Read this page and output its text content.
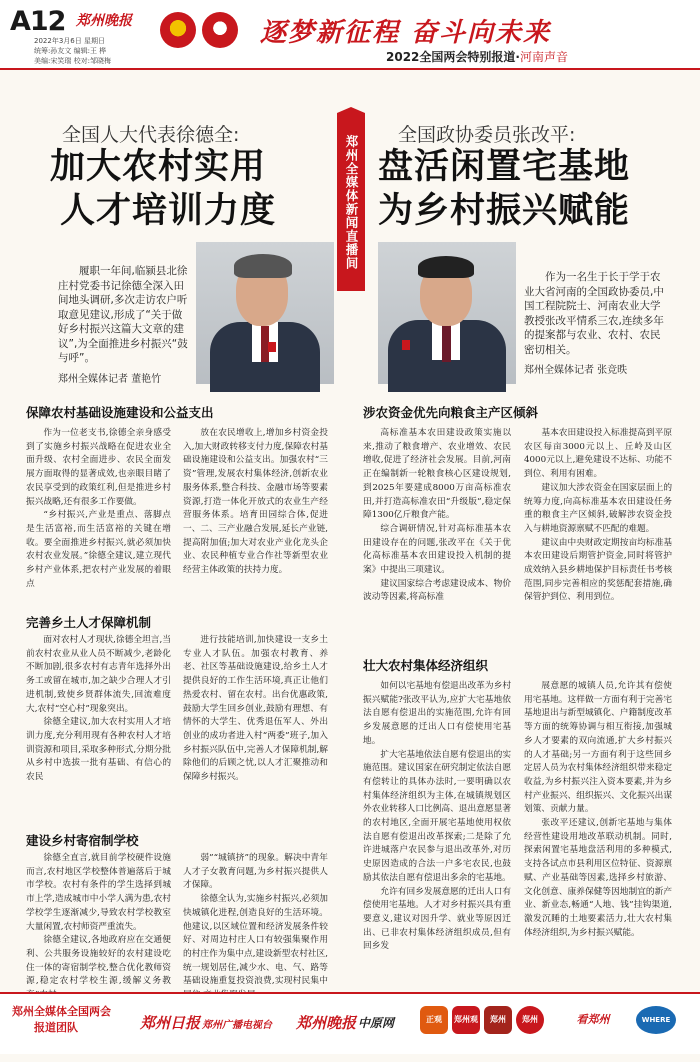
A12 郑州晚报
2022年3月6日 星期日
统筹:孙友文 编辑:王 桦
美编:宋笑瑞 校对:邹晓梅
逐梦新征程 奋斗向未来
2022全国两会特别报道·河南声音
郑州全媒体新闻直播间
全国人大代表徐德全:
加大农村实用
人才培训力度

履职一年间,临颍县北徐庄村党委书记徐德全深入田间地头调研,多次走访农户听取意见建议,形成了“关于做好乡村振兴这篇大文章的建议”,为全面推进乡村振兴“鼓与呼”。

郑州全媒体记者 董艳竹
全国政协委员张改平:
盘活闲置宅基地
为乡村振兴赋能

作为一名生于长于学于农业大省河南的全国政协委员,中国工程院院士、河南农业大学教授张改平情系三农,连续多年的提案都与农业、农村、农民密切相关。

郑州全媒体记者 张竞昳
保障农村基础设施建设和公益支出

作为一位老支书,徐德全亲身感受到了实施乡村振兴战略在促进农业全面升级、农村全面进步、农民全面发展方面取得的显著成效,也亲眼目睹了农民享受到的政策红利,但是推进乡村振兴战略,还有很多工作要做。

“乡村振兴,产业是重点、落脚点是生活富裕,而生活富裕的关键在增收。要全面推进乡村振兴,就必须加快农村农业发展。”徐德全建议,建立现代乡村产业体系,把农村产业发展的着眼点

放在农民增收上,增加乡村资金投入,加大财政转移支付力度,保障农村基础设施建设和公益支出。加强农村“三资”管理,发展农村集体经济,创新农业服务体系,整合科技、金融市场等要素资源,打造一体化开放式的农业生产经营服务体系。培育田园综合体,促进一、二、三产业融合发展,延长产业链,提高附加值;加大对农业产业化龙头企业、农民种植专业合作社等新型农业经营主体政策的扶持力度。

完善乡土人才保障机制

面对农村人才现状,徐德全坦言,当前农村农业从业人员不断减少,老龄化不断加剧,很多农村有志青年选择外出务工或留在城市,加之缺少合理人才引进机制,致使乡贤群体流失,回流难度大,农村“空心村”现象突出。

徐德全建议,加大农村实用人才培训力度,充分利用现有各种农村人才培训资源和项目,采取多种形式,分期分批从乡村中选拔一批有基础、有信心的农民

进行技能培训,加快建设一支乡土专业人才队伍。加强农村教育、养老、社区等基础设施建设,给乡土人才提供良好的工作生活环境,真正让他们热爱农村、留在农村。出台优惠政策,鼓励大学生回乡创业,鼓励有理想、有情怀的大学生、优秀退伍军人、外出创业的成功者进入村“两委”班子,加入乡村振兴队伍中,完善人才保障机制,解除他们的后顾之忧,以人才汇聚推动和保障乡村振兴。

建设乡村寄宿制学校

徐德全直言,就目前学校硬件设施而言,农村地区学校整体普遍落后于城市学校。农村有条件的学生选择到城市上学,造成城市中小学人满为患,农村学校学生逐渐减少,导致农村学校教室大量闲置,农村师资严重流失。

徐德全建议,各地政府应在交通便利、公共服务设施较好的农村建设吃住一体的寄宿制学校,整合优化教师资源,稳定农村学校生源,缓解义务教

弱”“城镇挤”的现象。解决中青年人才子女教育问题,为乡村振兴提供人才保障。

徐德全认为,实施乡村振兴,必须加快城镇化进程,创造良好的生活环境。他建议,以区域位置和经济发展条件较好、对周边村庄人口有较强集聚作用的村庄作为集中点,建设新型农村社区,统一规划居住,减少水、电、气、路等基础设施重复投资浪费,实现村民集中

涉农资金优先向粮食主产区倾斜

高标准基本农田建设政策实施以来,推动了粮食增产、农业增效、农民增收,促进了经济社会发展。目前,河南正在编制新一轮粮食核心区建设规划,到2025年要建成8000万亩高标准农田,并打造高标准农田“升级版”,稳定保障1300亿斤粮食产能。

综合调研情况,针对高标准基本农田建设存在的问题,张改平在《关于优化高标准基本农田建设投入机制的提案》中提出三项建议。

建议国家综合考虑建设成本、物价波动等因素,将高标准

基本农田建设投入标准提高到平原农区每亩3000元以上、丘岭及山区4000元以上,避免建设不达标、功能不到位、利用有困难。

建议加大涉农资金在国家层面上的统筹力度,向高标准基本农田建设任务重的粮食主产区倾斜,破解涉农资金投入与耕地资源禀赋不匹配的难题。

建议由中央财政定期按亩均标准基本农田建设后期管护资金,同时将管护成效纳入县乡耕地保护目标责任书考核范围,同步完善相应的奖惩配套措施,确保管护到位、利用到位。

壮大农村集体经济组织

如何以宅基地有偿退出改革为乡村振兴赋能?张改平认为,应扩大宅基地依法自愿有偿退出的实施范围,允许有回乡发展意愿的迁出人口有偿使用宅基地。

扩大宅基地依法自愿有偿退出的实施范围。建议国家在研究制定依法自愿有偿转让的具体办法时,一要明确以农村集体经济组织为主体,在城镇规划区外农业转移人口比例高、退出意愿显著的农村地区,全面开展宅基地使用权依法自愿有偿退出改革探索;二是除了允许进城落户农民参与退出改革外,对历史原因造成的合法一户多宅农民,也鼓励其依法自愿有偿退出多余的宅基地。

允许有回乡发展意愿的迁出人口有偿使用宅基地。人才对乡村振兴具有重要意义,建议对因升学、就业等原因迁出、已非农村集体经济组织成员,但有回乡发

展意愿的城镇人员,允许其有偿使用宅基地。这样做一方面有利于完善宅基地退出与新型城镇化、户籍制度改革等方面的统筹协调与相互衔接,加强城乡人才要素的双向流通,扩大乡村振兴的人才基础;另一方面有利于这些回乡定居人员为农村集体经济组织带来稳定收益,为乡村振兴注入资本要素,并为乡村产业振兴、组织振兴、文化振兴出谋划策、贡献力量。

张改平还建议,创新宅基地与集体经营性建设用地改革联动机制。同时,探索闲置宅基地盘活利用的多种模式,支持各试点市县利用区位特征、资源禀赋、产业基础等因素,选择乡村旅游、文化创意、康养保健等因地制宜的新产业、新业态,畅通“人地、钱”挂钩渠道,激发沉睡的土地要素活力,壮大农村集体经济组织,为乡村振兴赋能。

郑州全媒体全国两会
报道团队	郑州日报 郑州广播电视台 郑州晚报 中原网	正观	郑州观察
郑州	郑州	看郑州	WHERE
